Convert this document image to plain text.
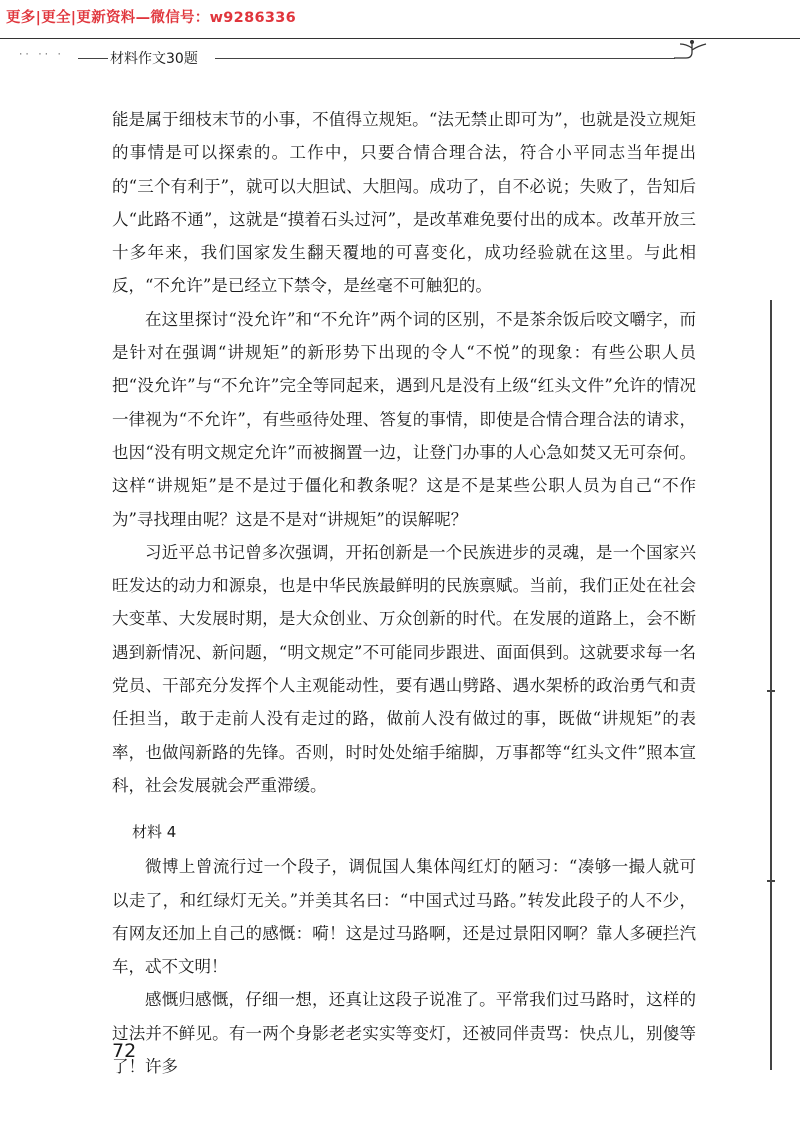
更多|更全|更新资料—微信号：w9286336
·· ·· ·	材料作文30题

能是属于细枝末节的小事，不值得立规矩。“法无禁止即可为”，也就是没立规矩的事情是可以探索的。工作中，只要合情合理合法，符合小平同志当年提出的“三个有利于”，就可以大胆试、大胆闯。成功了，自不必说；失败了，告知后人“此路不通”，这就是“摸着石头过河”，是改革难免要付出的成本。改革开放三十多年来，我们国家发生翻天覆地的可喜变化，成功经验就在这里。与此相反，“不允许”是已经立下禁令，是丝毫不可触犯的。

在这里探讨“没允许”和“不允许”两个词的区别，不是茶余饭后咬文嚼字，而是针对在强调“讲规矩”的新形势下出现的令人“不悦”的现象：有些公职人员把“没允许”与“不允许”完全等同起来，遇到凡是没有上级“红头文件”允许的情况一律视为“不允许”，有些亟待处理、答复的事情，即使是合情合理合法的请求，也因“没有明文规定允许”而被搁置一边，让登门办事的人心急如焚又无可奈何。这样“讲规矩”是不是过于僵化和教条呢？这是不是某些公职人员为自己“不作为”寻找理由呢？这是不是对“讲规矩”的误解呢？

习近平总书记曾多次强调，开拓创新是一个民族进步的灵魂，是一个国家兴旺发达的动力和源泉，也是中华民族最鲜明的民族禀赋。当前，我们正处在社会大变革、大发展时期，是大众创业、万众创新的时代。在发展的道路上，会不断遇到新情况、新问题，“明文规定”不可能同步跟进、面面俱到。这就要求每一名党员、干部充分发挥个人主观能动性，要有遇山劈路、遇水架桥的政治勇气和责任担当，敢于走前人没有走过的路，做前人没有做过的事，既做“讲规矩”的表率，也做闯新路的先锋。否则，时时处处缩手缩脚，万事都等“红头文件”照本宣科，社会发展就会严重滞缓。

材料 4

微博上曾流行过一个段子，调侃国人集体闯红灯的陋习：“凑够一撮人就可以走了，和红绿灯无关。”并美其名曰：“中国式过马路。”转发此段子的人不少，有网友还加上自己的感慨：嗬！这是过马路啊，还是过景阳冈啊？靠人多硬拦汽车，忒不文明！

感慨归感慨，仔细一想，还真让这段子说准了。平常我们过马路时，这样的过法并不鲜见。有一两个身影老老实实等变灯，还被同伴责骂：快点儿，别傻等了！许多

72
